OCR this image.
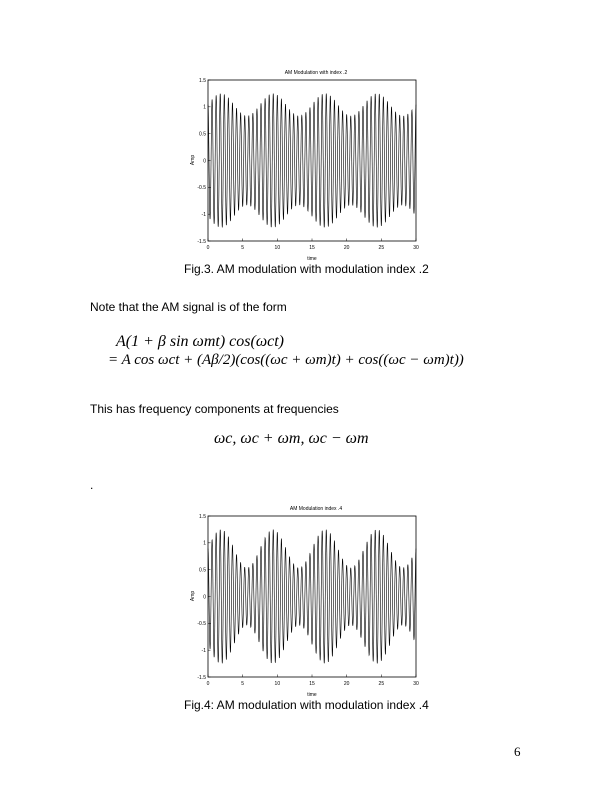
AM Modulation with index .2
0	5	10	15	20	25	30
-1.5
-1
-0.5
0
0.5
1
1.5
time
Amp
Fig.3. AM modulation with modulation index .2
Note that the AM signal is of the form
A(1 + β sin ωmt) cos(ωct)
= A cos ωct + (Aβ/2)(cos((ωc + ωm)t) + cos((ωc − ωm)t))
This has frequency components at frequencies
ωc, ωc + ωm, ωc − ωm
.
AM Modulation index .4
0	5	10	15	20	25	30
-1.5
-1
-0.5
0
0.5
1
1.5
time
Amp
Fig.4: AM modulation with modulation index .4
6
